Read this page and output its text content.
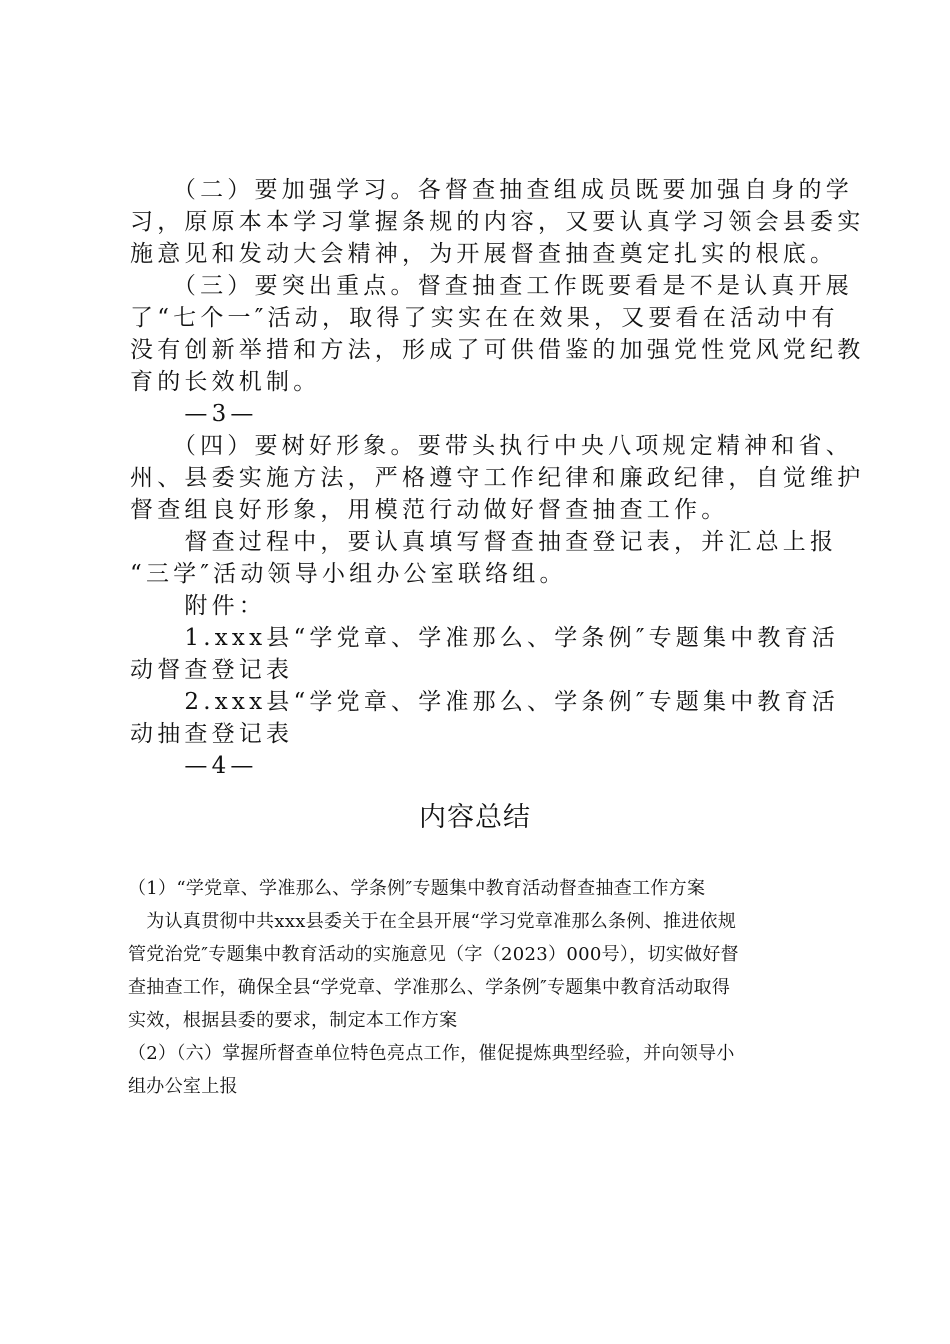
　　（二）要加强学习。各督查抽查组成员既要加强自身的学
习，原原本本学习掌握条规的内容，又要认真学习领会县委实
施意见和发动大会精神，为开展督查抽查奠定扎实的根底。
　　（三）要突出重点。督查抽查工作既要看是不是认真开展
了“七个一″活动，取得了实实在在效果，又要看在活动中有
没有创新举措和方法，形成了可供借鉴的加强党性党风党纪教
育的长效机制。
　　—3—
　　（四）要树好形象。要带头执行中央八项规定精神和省、
州、县委实施方法，严格遵守工作纪律和廉政纪律，自觉维护
督查组良好形象，用模范行动做好督查抽查工作。
　　督查过程中，要认真填写督查抽查登记表，并汇总上报
“三学″活动领导小组办公室联络组。
　　附件：
　　1.xxx县“学党章、学准那么、学条例″专题集中教育活
动督查登记表
　　2.xxx县“学党章、学准那么、学条例″专题集中教育活
动抽查登记表
　　—4—
内容总结
（1）“学党章、学准那么、学条例″专题集中教育活动督查抽查工作方案
　为认真贯彻中共xxx县委关于在全县开展“学习党章准那么条例、推进依规
管党治党″专题集中教育活动的实施意见（字（2023）000号），切实做好督
查抽查工作，确保全县“学党章、学准那么、学条例″专题集中教育活动取得
实效，根据县委的要求，制定本工作方案
（2）（六）掌握所督查单位特色亮点工作，催促提炼典型经验，并向领导小
组办公室上报
